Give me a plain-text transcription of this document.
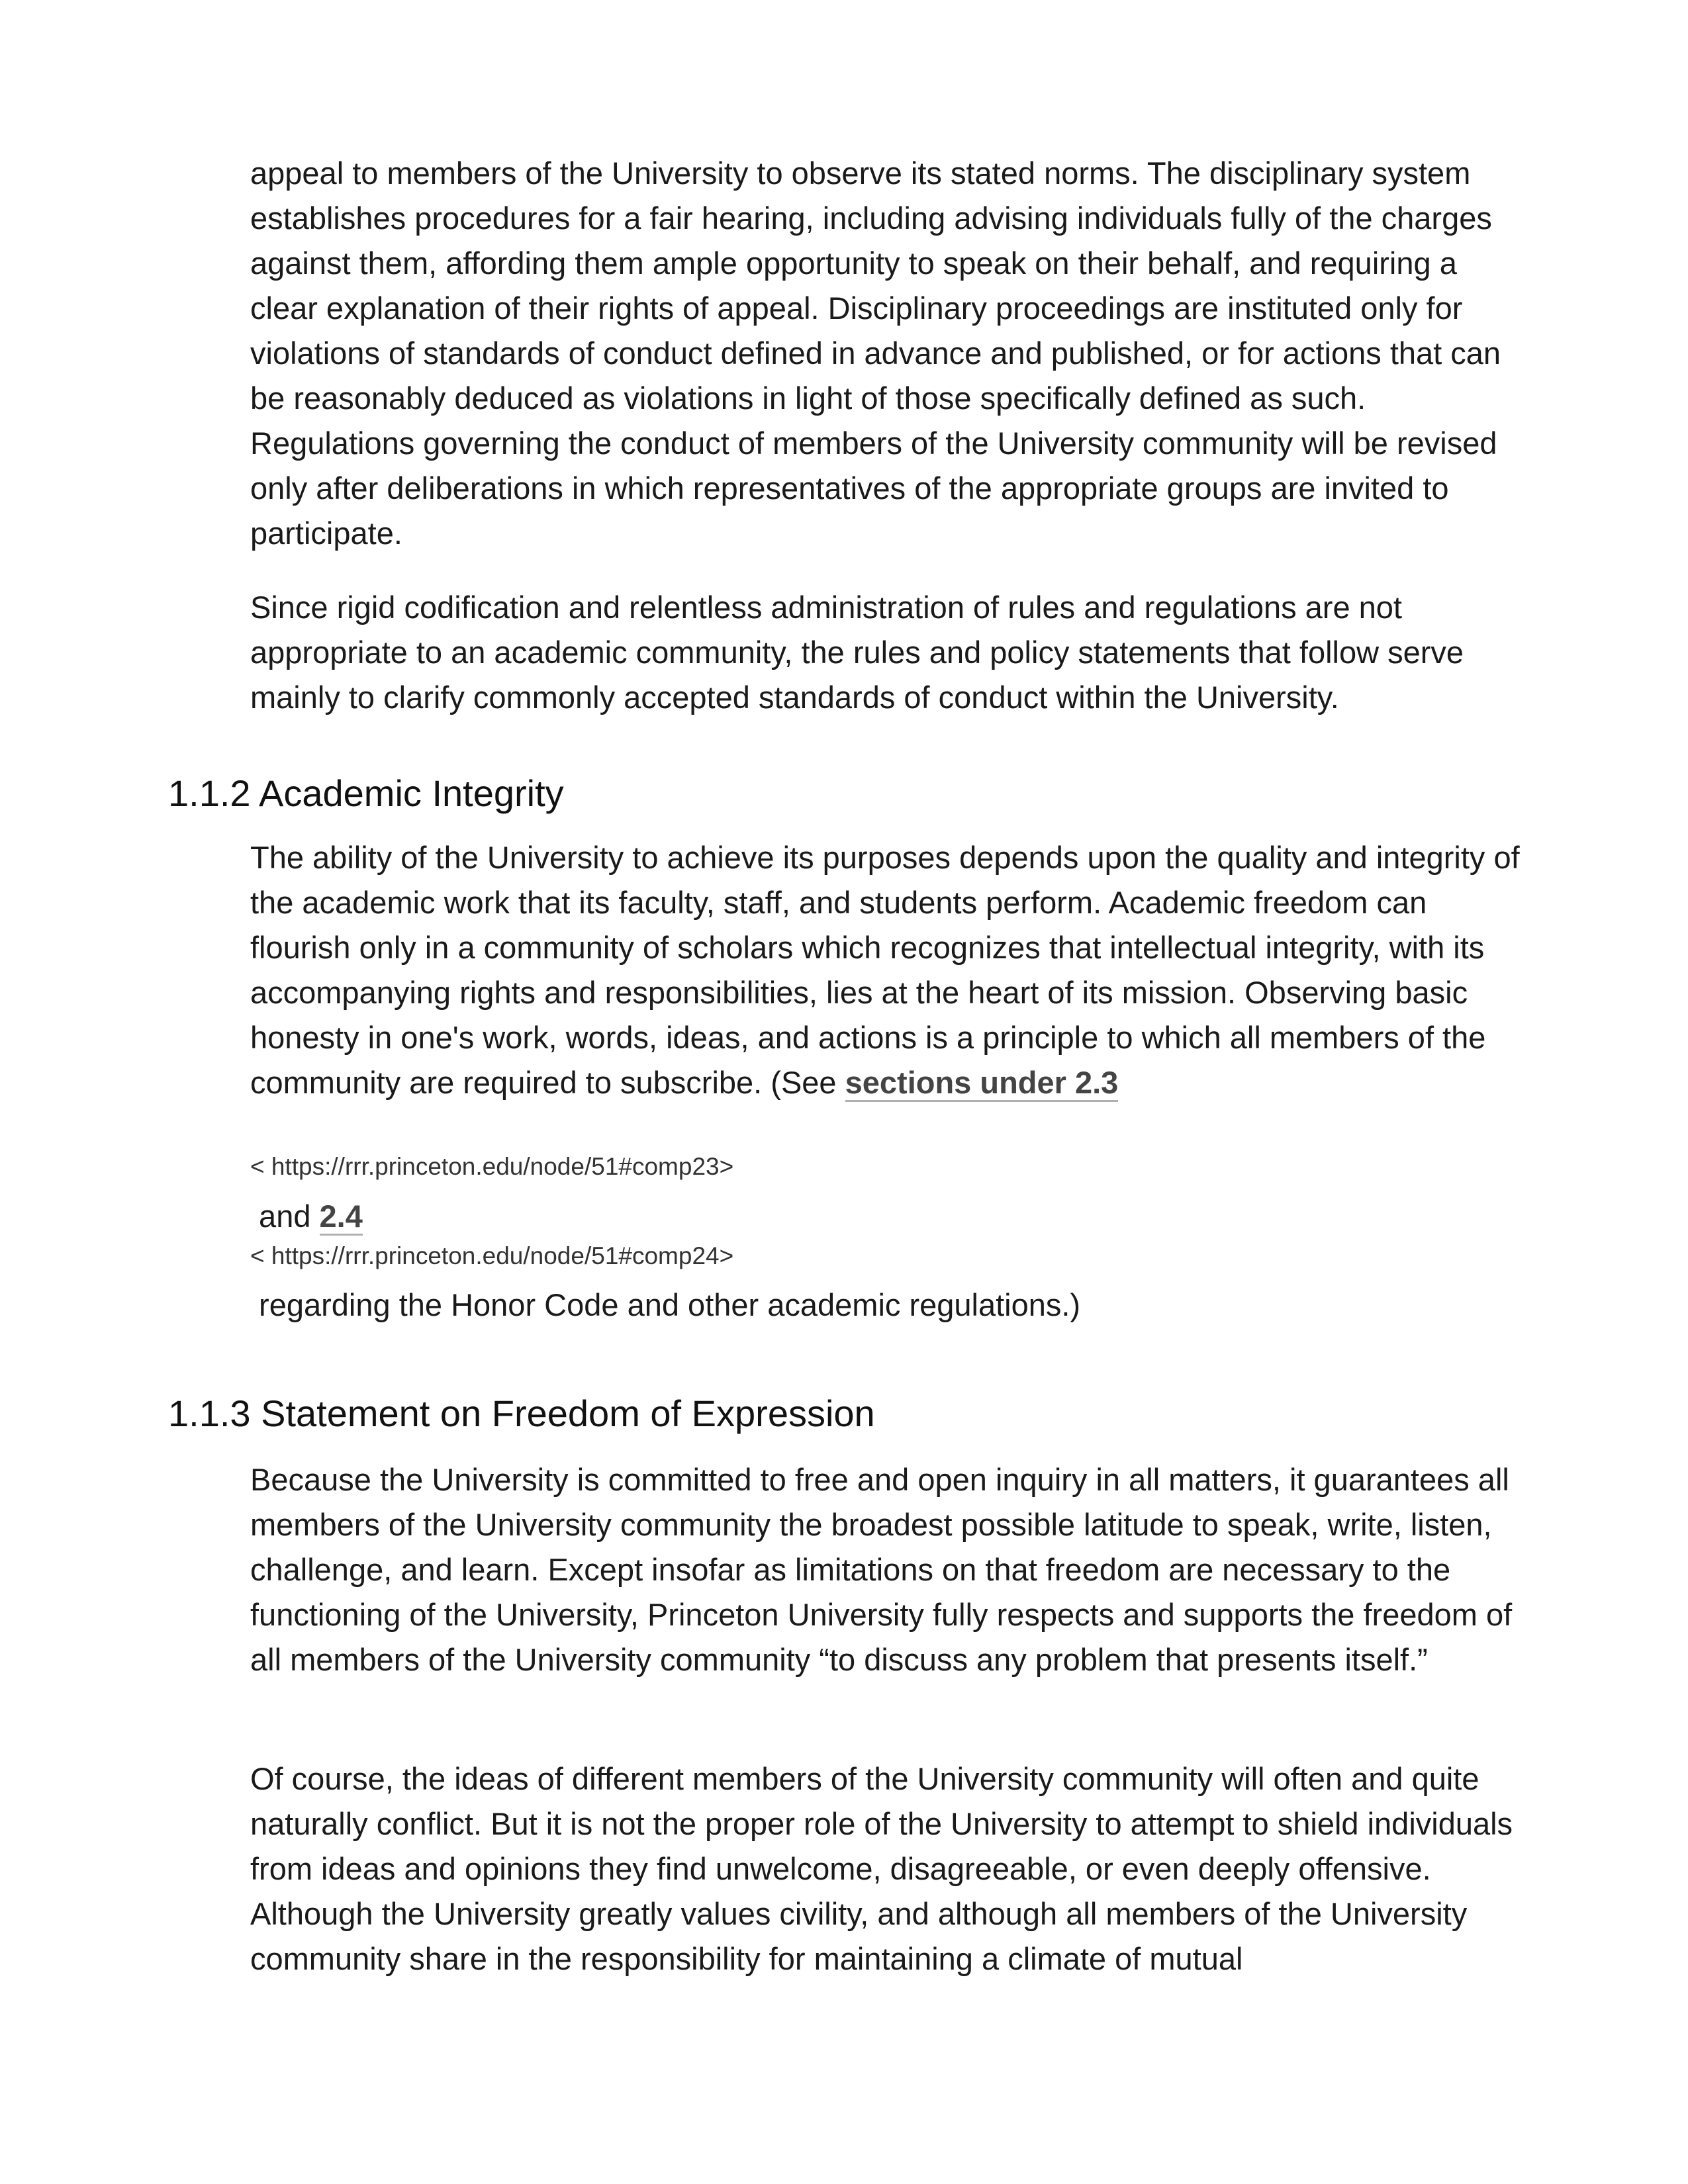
appeal to members of the University to observe its stated norms. The disciplinary system establishes procedures for a fair hearing, including advising individuals fully of the charges against them, affording them ample opportunity to speak on their behalf, and requiring a clear explanation of their rights of appeal. Disciplinary proceedings are instituted only for violations of standards of conduct defined in advance and published, or for actions that can be reasonably deduced as violations in light of those specifically defined as such. Regulations governing the conduct of members of the University community will be revised only after deliberations in which representatives of the appropriate groups are invited to participate.

Since rigid codification and relentless administration of rules and regulations are not appropriate to an academic community, the rules and policy statements that follow serve mainly to clarify commonly accepted standards of conduct within the University.

1.1.2 Academic Integrity

The ability of the University to achieve its purposes depends upon the quality and integrity of the academic work that its faculty, staff, and students perform. Academic freedom can flourish only in a community of scholars which recognizes that intellectual integrity, with its accompanying rights and responsibilities, lies at the heart of its mission. Observing basic honesty in one's work, words, ideas, and actions is a principle to which all members of the community are required to subscribe. (See sections under 2.3

< https://rrr.princeton.edu/node/51#comp23>

and 2.4

< https://rrr.princeton.edu/node/51#comp24>

regarding the Honor Code and other academic regulations.)

1.1.3 Statement on Freedom of Expression

Because the University is committed to free and open inquiry in all matters, it guarantees all members of the University community the broadest possible latitude to speak, write, listen, challenge, and learn. Except insofar as limitations on that freedom are necessary to the functioning of the University, Princeton University fully respects and supports the freedom of all members of the University community “to discuss any problem that presents itself.”

Of course, the ideas of different members of the University community will often and quite naturally conflict. But it is not the proper role of the University to attempt to shield individuals from ideas and opinions they find unwelcome, disagreeable, or even deeply offensive. Although the University greatly values civility, and although all members of the University community share in the responsibility for maintaining a climate of mutual
